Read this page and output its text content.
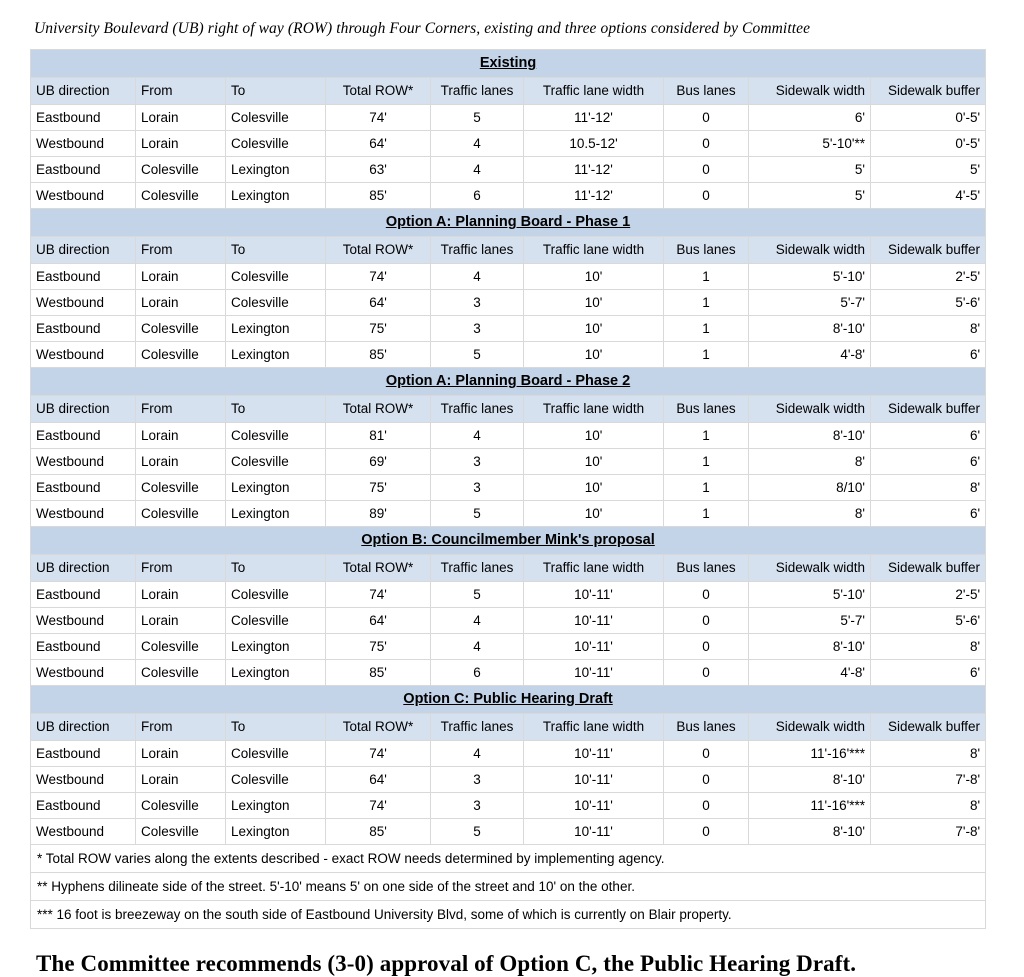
University Boulevard (UB) right of way (ROW) through Four Corners, existing and three options considered by Committee
Existing								
UB direction	From	To	Total ROW*	Traffic lanes	Traffic lane width	Bus lanes	Sidewalk width	Sidewalk buffer
Eastbound	Lorain	Colesville	74'	5	11'-12'	0	6'	0'-5'
Westbound	Lorain	Colesville	64'	4	10.5-12'	0	5'-10'**	0'-5'
Eastbound	Colesville	Lexington	63'	4	11'-12'	0	5'	5'
Westbound	Colesville	Lexington	85'	6	11'-12'	0	5'	4'-5'
Option A: Planning Board - Phase 1								
UB direction	From	To	Total ROW*	Traffic lanes	Traffic lane width	Bus lanes	Sidewalk width	Sidewalk buffer
Eastbound	Lorain	Colesville	74'	4	10'	1	5'-10'	2'-5'
Westbound	Lorain	Colesville	64'	3	10'	1	5'-7'	5'-6'
Eastbound	Colesville	Lexington	75'	3	10'	1	8'-10'	8'
Westbound	Colesville	Lexington	85'	5	10'	1	4'-8'	6'
Option A: Planning Board - Phase 2								
UB direction	From	To	Total ROW*	Traffic lanes	Traffic lane width	Bus lanes	Sidewalk width	Sidewalk buffer
Eastbound	Lorain	Colesville	81'	4	10'	1	8'-10'	6'
Westbound	Lorain	Colesville	69'	3	10'	1	8'	6'
Eastbound	Colesville	Lexington	75'	3	10'	1	8/10'	8'
Westbound	Colesville	Lexington	89'	5	10'	1	8'	6'
Option B: Councilmember Mink's proposal								
UB direction	From	To	Total ROW*	Traffic lanes	Traffic lane width	Bus lanes	Sidewalk width	Sidewalk buffer
Eastbound	Lorain	Colesville	74'	5	10'-11'	0	5'-10'	2'-5'
Westbound	Lorain	Colesville	64'	4	10'-11'	0	5'-7'	5'-6'
Eastbound	Colesville	Lexington	75'	4	10'-11'	0	8'-10'	8'
Westbound	Colesville	Lexington	85'	6	10'-11'	0	4'-8'	6'
Option C: Public Hearing Draft								
UB direction	From	To	Total ROW*	Traffic lanes	Traffic lane width	Bus lanes	Sidewalk width	Sidewalk buffer
Eastbound	Lorain	Colesville	74'	4	10'-11'	0	11'-16'***	8'
Westbound	Lorain	Colesville	64'	3	10'-11'	0	8'-10'	7'-8'
Eastbound	Colesville	Lexington	74'	3	10'-11'	0	11'-16'***	8'
Westbound	Colesville	Lexington	85'	5	10'-11'	0	8'-10'	7'-8'
* Total ROW varies along the extents described - exact ROW needs determined by implementing agency.								
** Hyphens dilineate side of the street. 5'-10' means 5' on one side of the street and 10' on the other.								
*** 16 foot is breezeway on the south side of Eastbound University Blvd, some of which is currently on Blair property.								
The Committee recommends (3-0) approval of Option C, the Public Hearing Draft.
